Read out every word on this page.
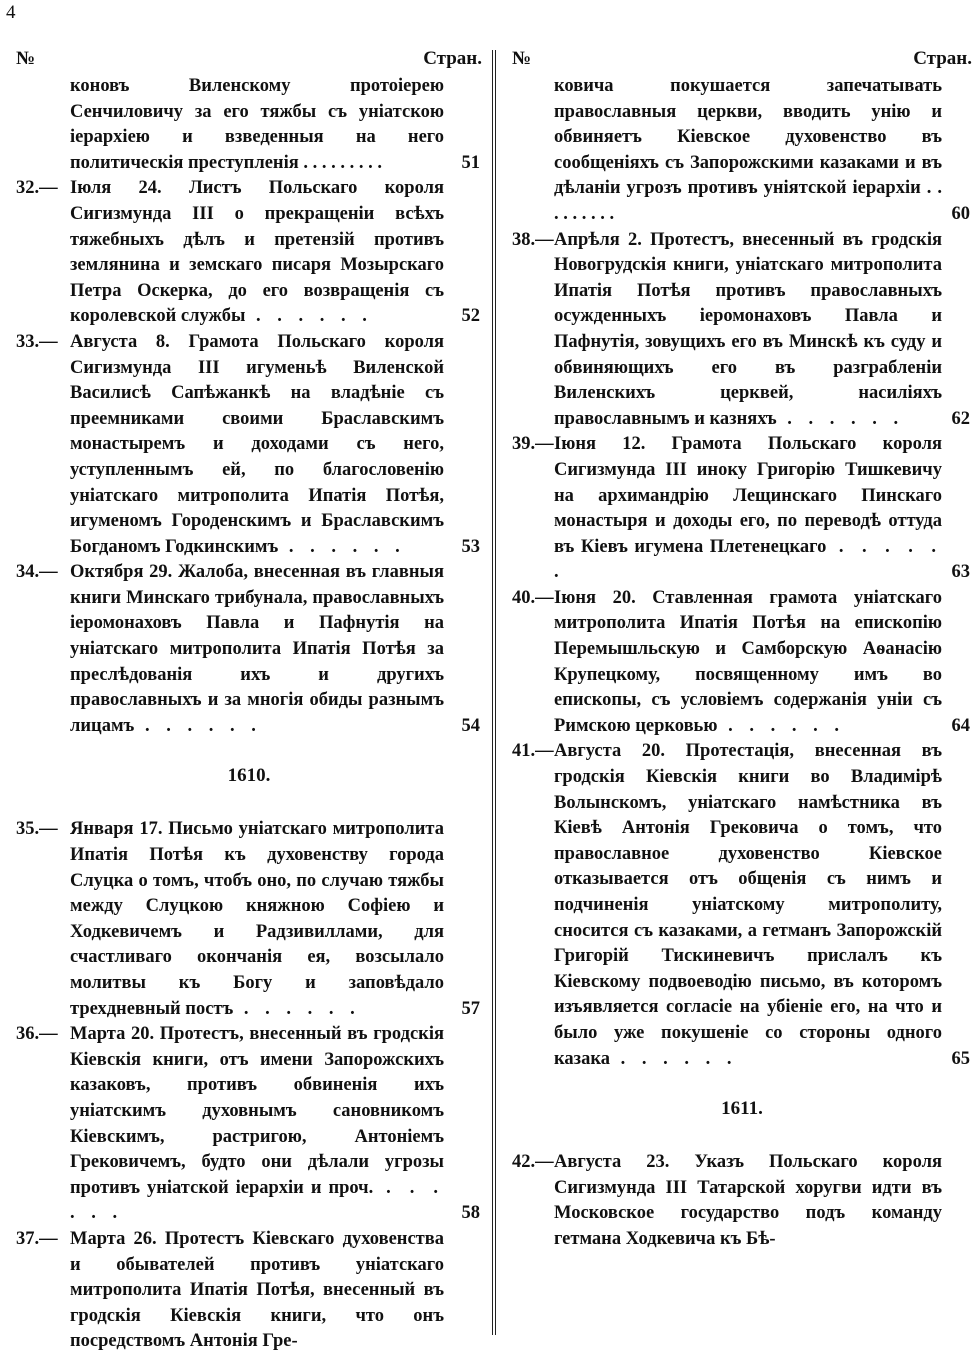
4
№	Стран.
коновъ Виленскому протоіерею Сенчиловичу за его тяжбы съ уніатскою іерархіею и взведенныя на него политическія преступленія . . . . . . . . .	51
32.— Іюля 24. Листъ Польскаго короля Сигизмунда III о прекращеніи всѣхъ тяжебныхъ дѣлъ и претензій противъ землянина и земскаго писаря Мозырскаго Петра Оскерка, до его возвращенія съ королевской службы . . . . . .	52
33.— Августа 8. Грамота Польскаго короля Сигизмунда III игуменьѣ Виленской Василисѣ Сапѣжанкѣ на владѣніе съ преемниками своими Браславскимъ монастыремъ и доходами съ него, уступленнымъ ей, по благословенію уніатскаго митрополита Ипатія Потѣя, игуменомъ Городенскимъ и Браславскимъ Богданомъ Годкинскимъ . . . . . .	53
34.— Октября 29. Жалоба, внесенная въ главныя книги Минскаго трибунала, православныхъ іеромонаховъ Павла и Пафнутія на уніатскаго митрополита Ипатія Потѣя за преслѣдованія ихъ и другихъ православныхъ и за многія обиды разнымъ лицамъ . . . . . .	54
1610.
35.— Января 17. Письмо уніатскаго митрополита Ипатія Потѣя къ духовенству города Слуцка о томъ, чтобъ оно, по случаю тяжбы между Слуцкою княжною Софіею и Ходкевичемъ и Радзивиллами, для счастливаго окончанія ея, возсылало молитвы къ Богу и заповѣдало трехдневный постъ . . . . . .	57
36.— Марта 20. Протестъ, внесенный въ гродскія Кіевскія книги, отъ имени Запорожскихъ казаковъ, противъ обвиненія ихъ уніатскимъ духовнымъ сановникомъ Кіевскимъ, растригою, Антоніемъ Грековичемъ, будто они дѣлали угрозы противъ уніатской іерархіи и проч. . . . . . .	58
37.— Марта 26. Протестъ Кіевскаго духовенства и обывателей противъ уніатскаго митрополита Ипатія Потѣя, внесенный въ гродскія Кіевскія книги, что онъ посредствомъ Антонія Гре-
№	Стран.
ковича покушается запечатывать православныя церкви, вводить унію и обвиняетъ Кіевское духовенство въ сообщеніяхъ съ Запорожскими казаками и въ дѣланіи угрозъ противъ уніятской іерархіи . . . . . . . . .	60
38.— Апрѣля 2. Протестъ, внесенный въ гродскія Новогрудскія книги, уніатскаго митрополита Ипатія Потѣя противъ православныхъ осужденныхъ іеромонаховъ Павла и Пафнутія, зовущихъ его въ Минскѣ къ суду и обвиняющихъ его въ разграбленіи Виленскихъ церквей, насиліяхъ православнымъ и казняхъ . . . . . .	62
39.— Іюня 12. Грамота Польскаго короля Сигизмунда III иноку Григорію Тишкевичу на архимандрію Лещинскаго Пинскаго монастыря и доходы его, по переводѣ оттуда въ Кіевъ игумена Плетенецкаго . . . . . .	63
40.— Іюня 20. Ставленная грамота уніатскаго митрополита Ипатія Потѣя на епископію Перемышльскую и Самборскую Аѳанасію Крупецкому, посвященному имъ во епископы, съ условіемъ содержанія уніи съ Римскою церковью . . . . . .	64
41.— Августа 20. Протестація, внесенная въ гродскія Кіевскія книги во Владимірѣ Волынскомъ, уніатскаго намѣстника въ Кіевѣ Антонія Грековича о томъ, что православное духовенство Кіевское отказывается отъ общенія съ нимъ и подчиненія уніатскому митрополиту, сносится съ казаками, а гетманъ Запорожскій Григорій Тискиневичъ прислалъ къ Кіевскому подвоеводію письмо, въ которомъ изъявляется согласіе на убіеніе его, на что и было уже покушеніе со стороны одного казака . . . . . .	65
1611.
42.— Августа 23. Указъ Польскаго короля Сигизмунда III Татарской хоругви идти въ Московское государство подъ команду гетмана Ходкевича къ Бѣ-
